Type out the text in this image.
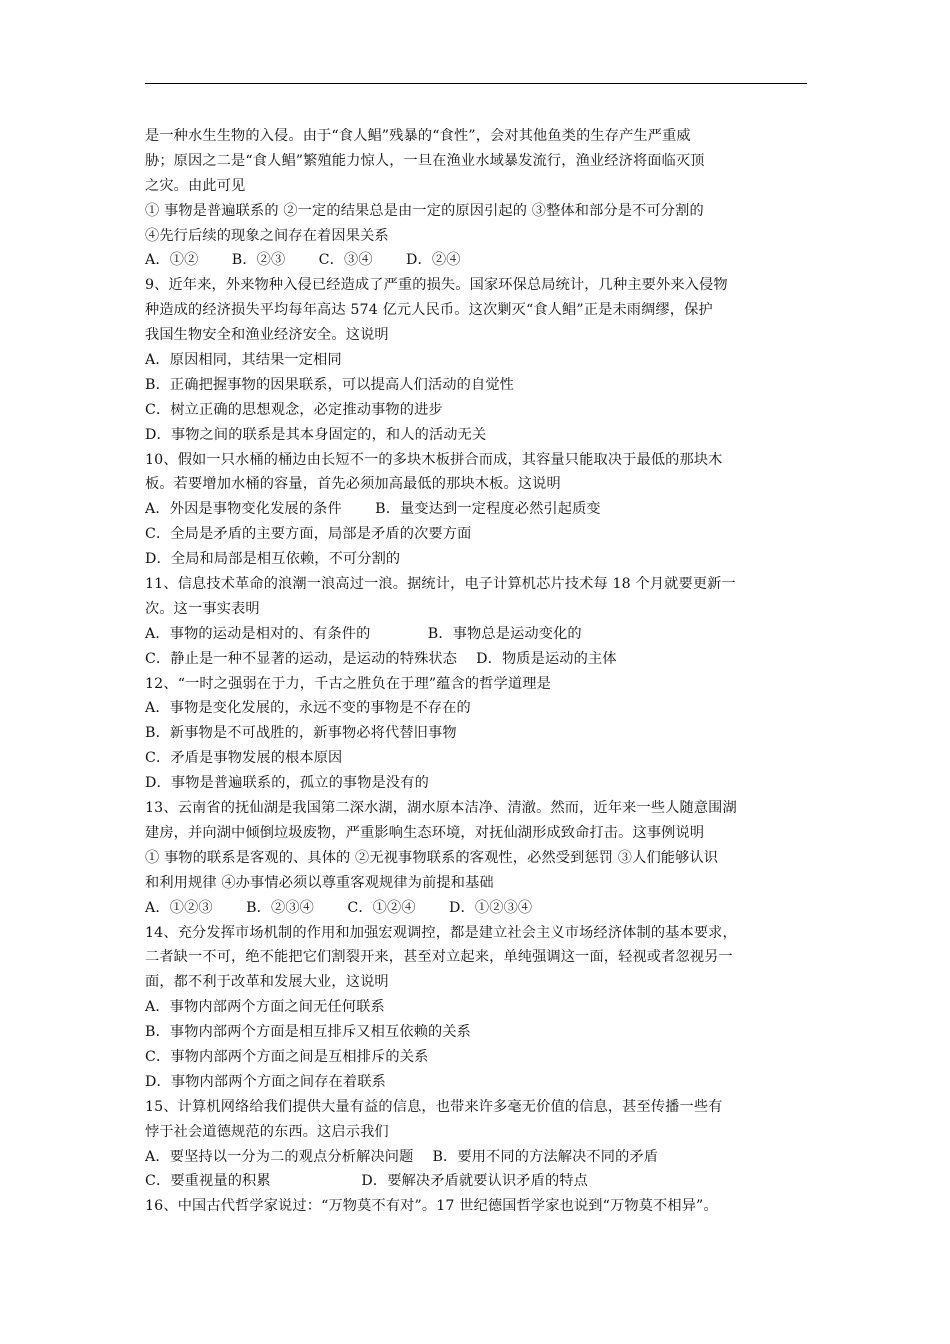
是一种水生生物的入侵。由于“食人鲳”残暴的“食性”，会对其他鱼类的生存产生严重威
胁；原因之二是“食人鲳”繁殖能力惊人，一旦在渔业水域暴发流行，渔业经济将面临灭顶
之灾。由此可见
① 事物是普遍联系的 ②一定的结果总是由一定的原因引起的 ③整体和部分是不可分割的
④先行后续的现象之间存在着因果关系
A．①②　　 B．②③　　 C．③④　　 D．②④
9、近年来，外来物种入侵已经造成了严重的损失。国家环保总局统计，几种主要外来入侵物
种造成的经济损失平均每年高达 574 亿元人民币。这次剿灭“食人鲳”正是未雨绸缪，保护
我国生物安全和渔业经济安全。这说明
A．原因相同，其结果一定相同
B．正确把握事物的因果联系，可以提高人们活动的自觉性
C．树立正确的思想观念，必定推动事物的进步
D．事物之间的联系是其本身固定的，和人的活动无关
10、假如一只水桶的桶边由长短不一的多块木板拼合而成，其容量只能取决于最低的那块木
板。若要增加水桶的容量，首先必须加高最低的那块木板。这说明
A．外因是事物变化发展的条件　　 B．量变达到一定程度必然引起质变
C．全局是矛盾的主要方面，局部是矛盾的次要方面
D．全局和局部是相互依赖，不可分割的
11、信息技术革命的浪潮一浪高过一浪。据统计，电子计算机芯片技术每 18 个月就要更新一
次。这一事实表明
A．事物的运动是相对的、有条件的　　　　B．事物总是运动变化的
C．静止是一种不显著的运动，是运动的特殊状态　 D．物质是运动的主体
12、“一时之强弱在于力，千古之胜负在于理”蕴含的哲学道理是
A．事物是变化发展的，永远不变的事物是不存在的
B．新事物是不可战胜的，新事物必将代替旧事物
C．矛盾是事物发展的根本原因
D．事物是普遍联系的，孤立的事物是没有的
13、云南省的抚仙湖是我国第二深水湖，湖水原本洁净、清澈。然而，近年来一些人随意围湖
建房，并向湖中倾倒垃圾废物，严重影响生态环境，对抚仙湖形成致命打击。这事例说明
① 事物的联系是客观的、具体的 ②无视事物联系的客观性，必然受到惩罚 ③人们能够认识
和利用规律 ④办事情必须以尊重客观规律为前提和基础
A．①②③　　 B．②③④　　 C．①②④　　 D．①②③④
14、充分发挥市场机制的作用和加强宏观调控，都是建立社会主义市场经济体制的基本要求，
二者缺一不可，绝不能把它们割裂开来，甚至对立起来，单纯强调这一面，轻视或者忽视另一
面，都不利于改革和发展大业，这说明
A．事物内部两个方面之间无任何联系
B．事物内部两个方面是相互排斥又相互依赖的关系
C．事物内部两个方面之间是互相排斥的关系
D．事物内部两个方面之间存在着联系
15、计算机网络给我们提供大量有益的信息，也带来许多毫无价值的信息，甚至传播一些有
悖于社会道德规范的东西。这启示我们
A．要坚持以一分为二的观点分析解决问题　 B．要用不同的方法解决不同的矛盾
C．要重视量的积累　　　　　　 D．要解决矛盾就要认识矛盾的特点
16、中国古代哲学家说过：“万物莫不有对”。17 世纪德国哲学家也说到“万物莫不相异”。
